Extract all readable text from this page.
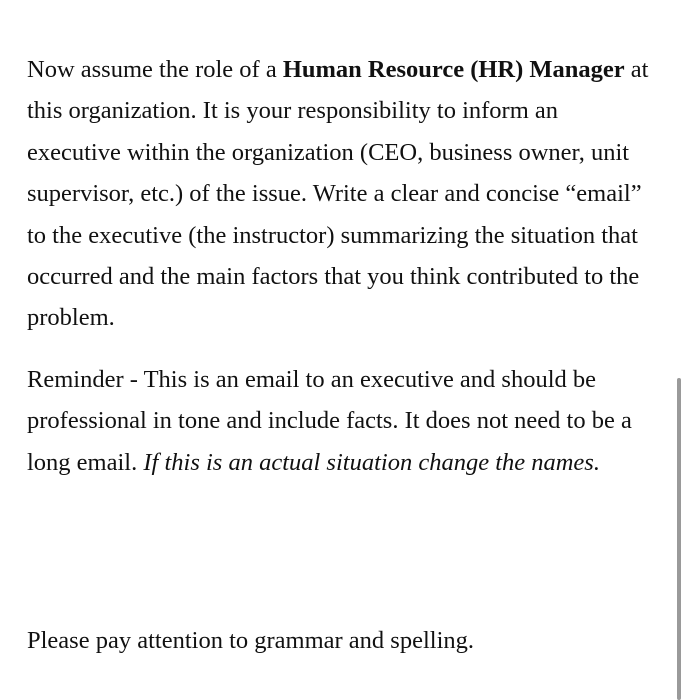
Now assume the role of a Human Resource (HR) Manager at this organization. It is your responsibility to inform an executive within the organization (CEO, business owner, unit supervisor, etc.) of the issue. Write a clear and concise “email” to the executive (the instructor) summarizing the situation that occurred and the main factors that you think contributed to the problem.

Reminder - This is an email to an executive and should be professional in tone and include facts. It does not need to be a long email. If this is an actual situation change the names.

Please pay attention to grammar and spelling.
